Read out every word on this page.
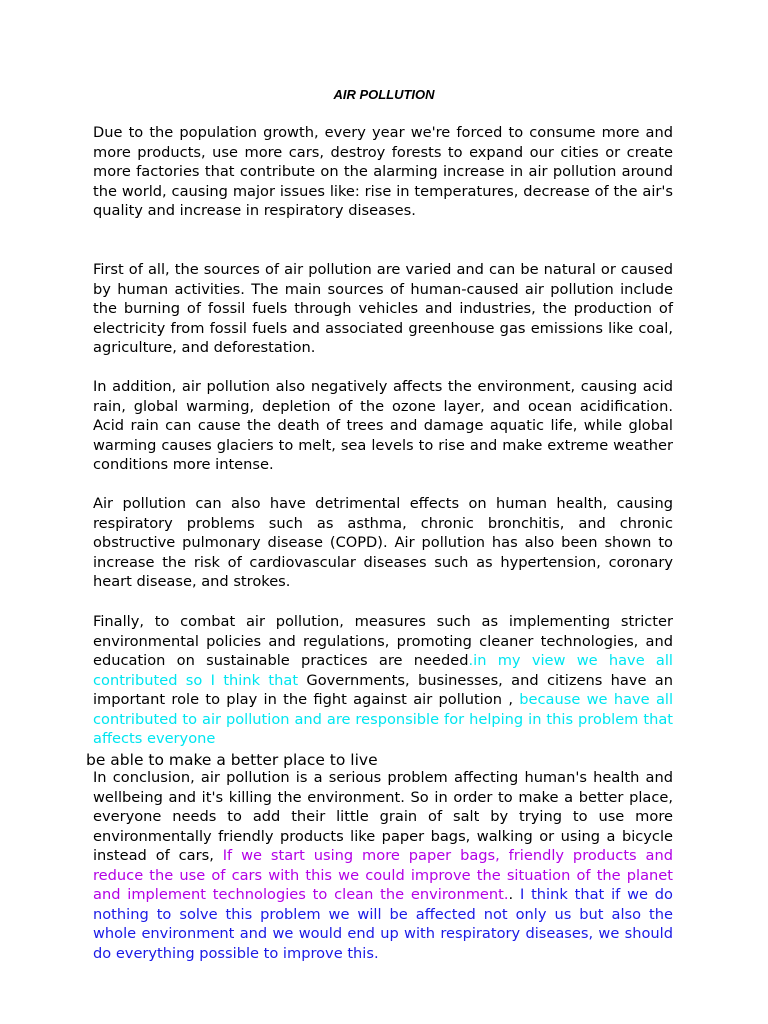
AIR POLLUTION

Due to the population growth, every year we're forced to consume more and more products, use more cars, destroy forests to expand our cities or create more factories that contribute on the alarming increase in air pollution around the world, causing major issues like: rise in temperatures, decrease of the air's quality and increase in respiratory diseases.

First of all, the sources of air pollution are varied and can be natural or caused by human activities. The main sources of human-caused air pollution include the burning of fossil fuels through vehicles and industries, the production of electricity from fossil fuels and associated greenhouse gas emissions like coal, agriculture, and deforestation.

In addition, air pollution also negatively affects the environment, causing acid rain, global warming, depletion of the ozone layer, and ocean acidification. Acid rain can cause the death of trees and damage aquatic life, while global warming causes glaciers to melt, sea levels to rise and make extreme weather conditions more intense.

Air pollution can also have detrimental effects on human health, causing respiratory problems such as asthma, chronic bronchitis, and chronic obstructive pulmonary disease (COPD). Air pollution has also been shown to increase the risk of cardiovascular diseases such as hypertension, coronary heart disease, and strokes.

Finally, to combat air pollution, measures such as implementing stricter environmental policies and regulations, promoting cleaner technologies, and education on sustainable practices are needed.in my view we have all contributed so I think that Governments, businesses, and citizens have an important role to play in the fight against air pollution , because we have all contributed to air pollution and are responsible for helping in this problem that affects everyone

be able to make a better place to live

In conclusion, air pollution is a serious problem affecting human's health and wellbeing and it's killing the environment. So in order to make a better place, everyone needs to add their little grain of salt by trying to use more environmentally friendly products like paper bags, walking or using a bicycle instead of cars, If we start using more paper bags, friendly products and reduce the use of cars with this we could improve the situation of the planet and implement technologies to clean the environment.. I think that if we do nothing to solve this problem we will be affected not only us but also the whole environment and we would end up with respiratory diseases, we should do everything possible to improve this.
